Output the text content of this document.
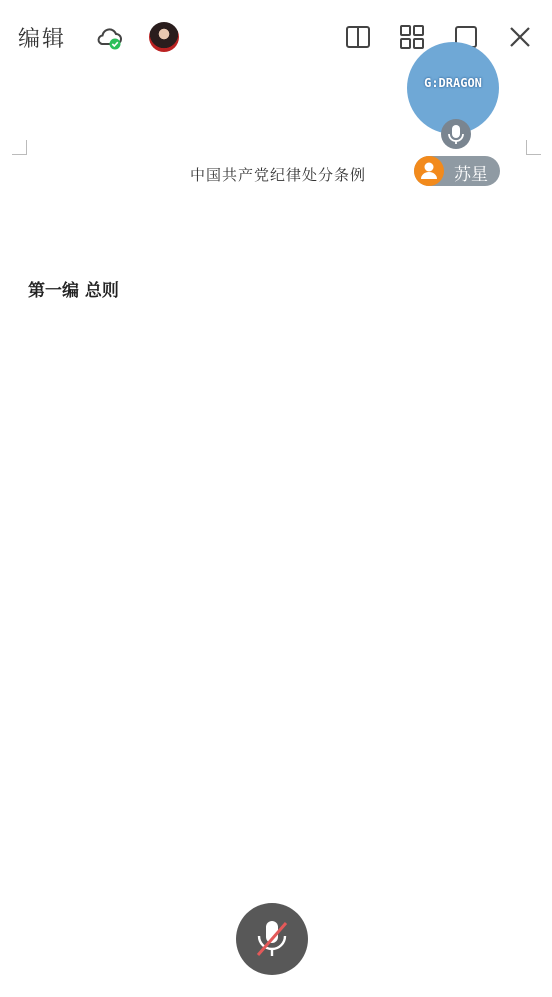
编辑
G:DRAGON
苏星
中国共产党纪律处分条例
第一编 总则
